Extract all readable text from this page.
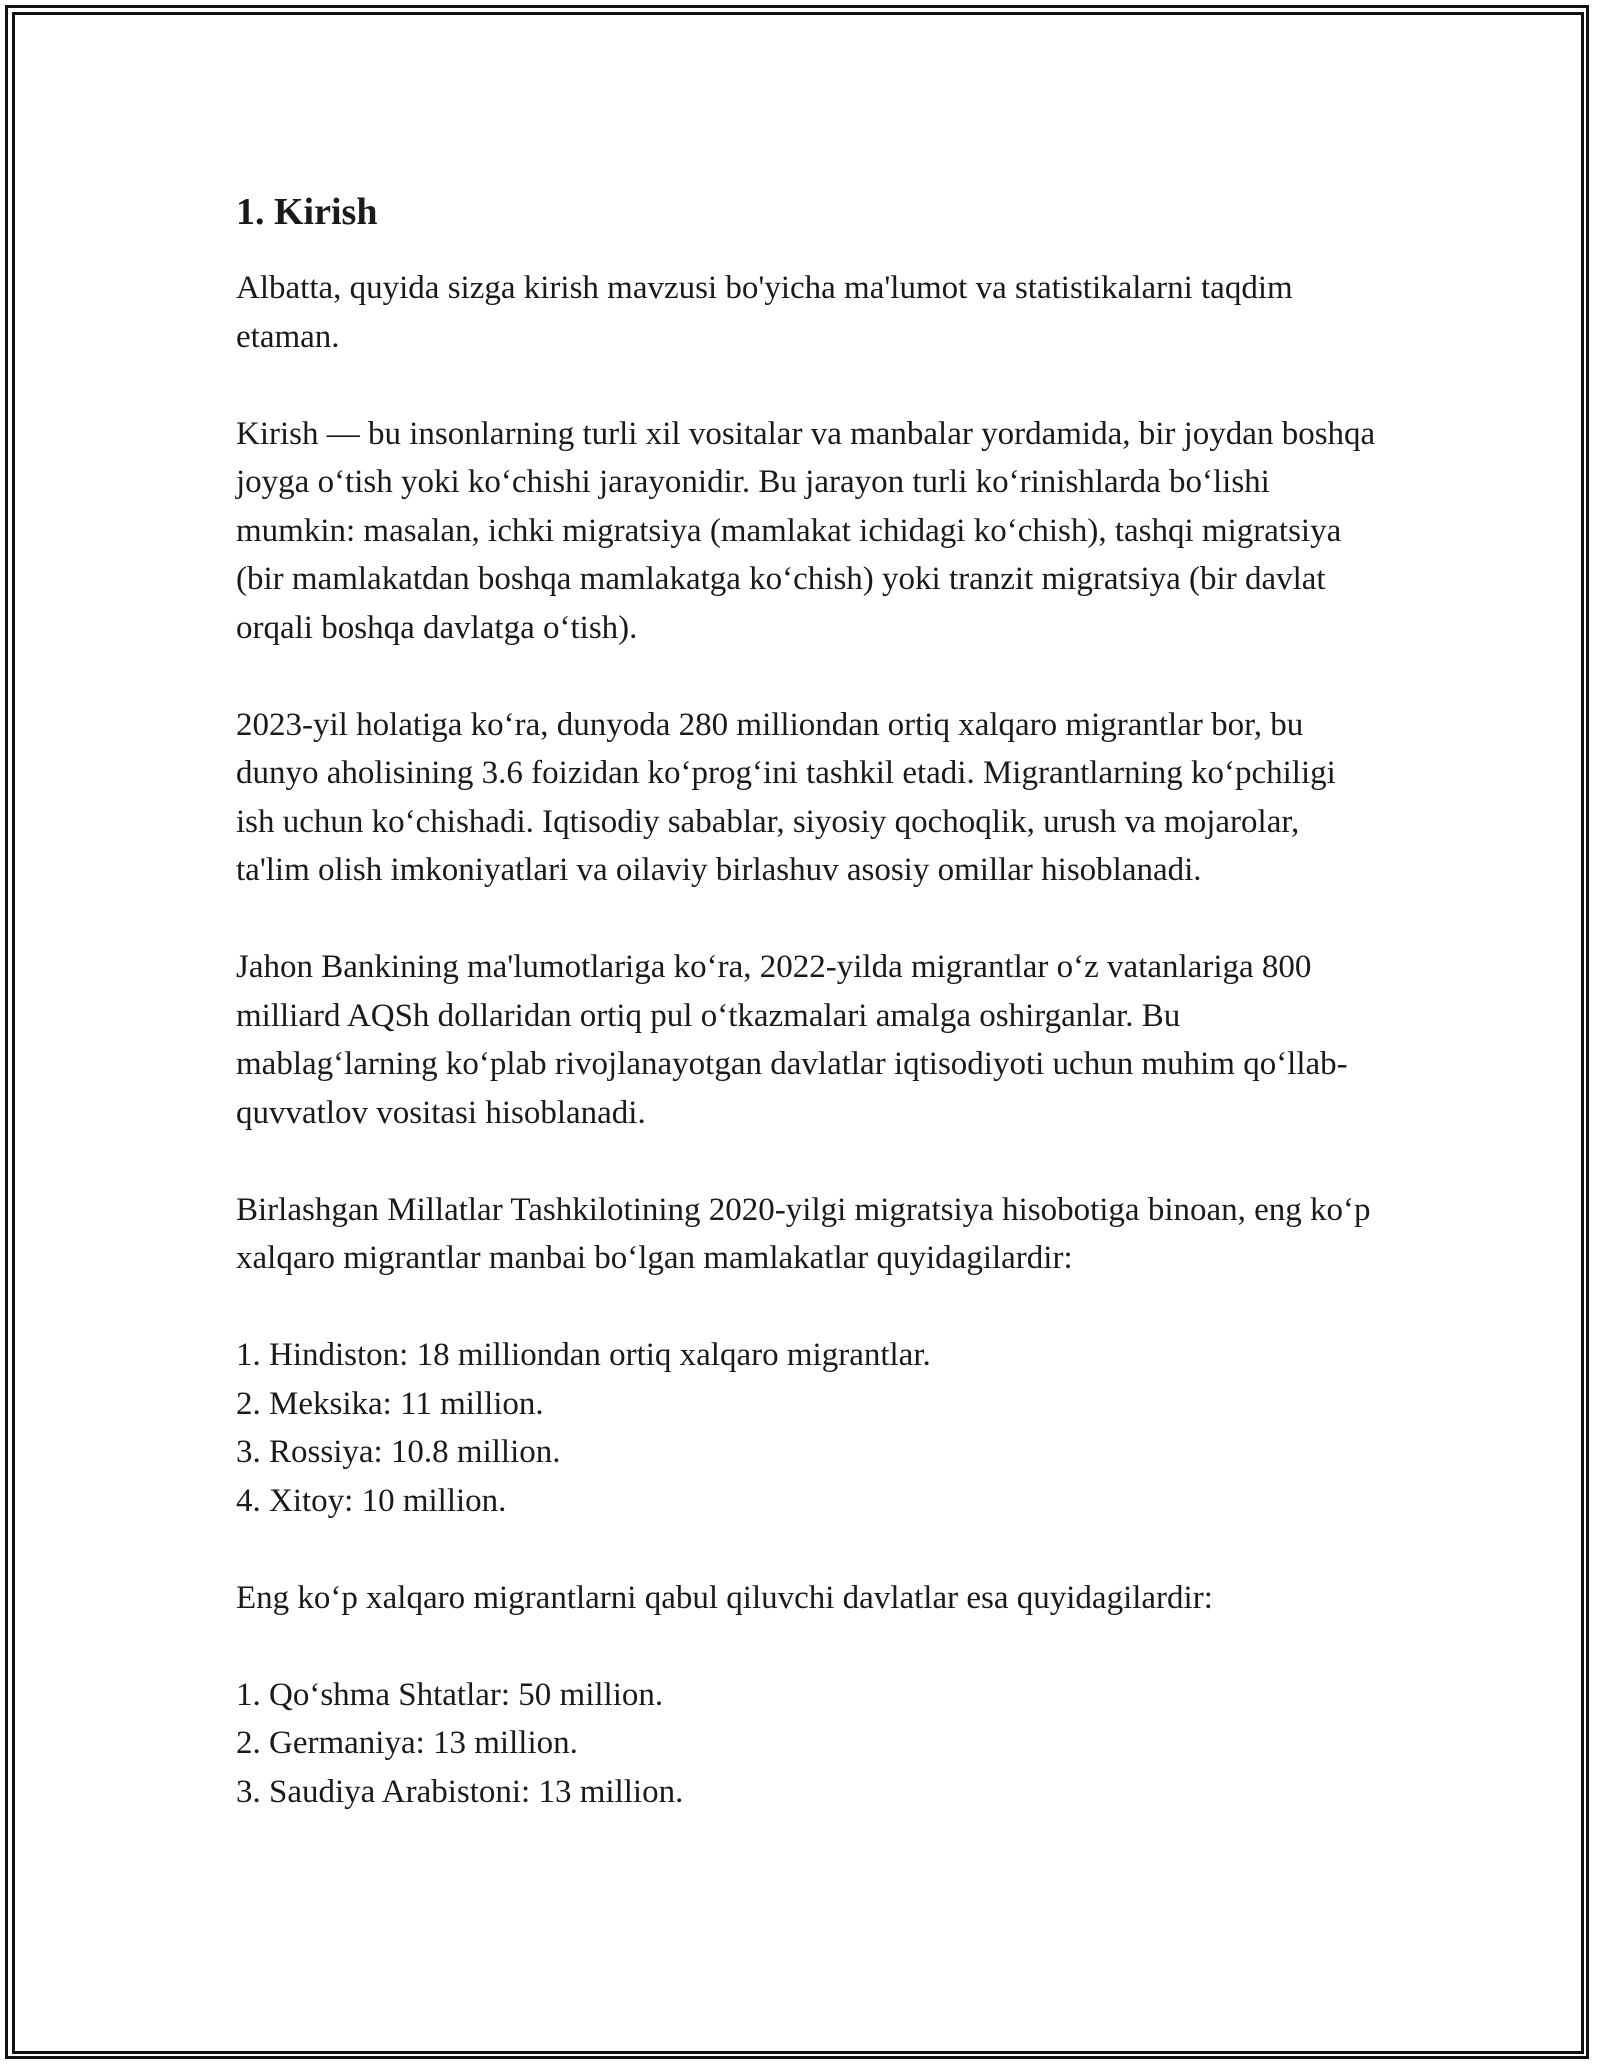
1. Kirish

Albatta, quyida sizga kirish mavzusi bo'yicha ma'lumot va statistikalarni taqdim etaman.

Kirish — bu insonlarning turli xil vositalar va manbalar yordamida, bir joydan boshqa joyga oʻtish yoki koʻchishi jarayonidir. Bu jarayon turli koʻrinishlarda boʻlishi mumkin: masalan, ichki migratsiya (mamlakat ichidagi koʻchish), tashqi migratsiya (bir mamlakatdan boshqa mamlakatga koʻchish) yoki tranzit migratsiya (bir davlat orqali boshqa davlatga oʻtish).

2023-yil holatiga koʻra, dunyoda 280 milliondan ortiq xalqaro migrantlar bor, bu dunyo aholisining 3.6 foizidan koʻprogʻini tashkil etadi. Migrantlarning koʻpchiligi ish uchun koʻchishadi. Iqtisodiy sabablar, siyosiy qochoqlik, urush va mojarolar, ta'lim olish imkoniyatlari va oilaviy birlashuv asosiy omillar hisoblanadi.

Jahon Bankining ma'lumotlariga koʻra, 2022-yilda migrantlar oʻz vatanlariga 800 milliard AQSh dollaridan ortiq pul oʻtkazmalari amalga oshirganlar. Bu mablagʻlarning koʻplab rivojlanayotgan davlatlar iqtisodiyoti uchun muhim qoʻllab-quvvatlov vositasi hisoblanadi.

Birlashgan Millatlar Tashkilotining 2020-yilgi migratsiya hisobotiga binoan, eng koʻp xalqaro migrantlar manbai boʻlgan mamlakatlar quyidagilardir:

1. Hindiston: 18 milliondan ortiq xalqaro migrantlar.
2. Meksika: 11 million.
3. Rossiya: 10.8 million.
4. Xitoy: 10 million.

Eng koʻp xalqaro migrantlarni qabul qiluvchi davlatlar esa quyidagilardir:

1. Qoʻshma Shtatlar: 50 million.
2. Germaniya: 13 million.
3. Saudiya Arabistoni: 13 million.
